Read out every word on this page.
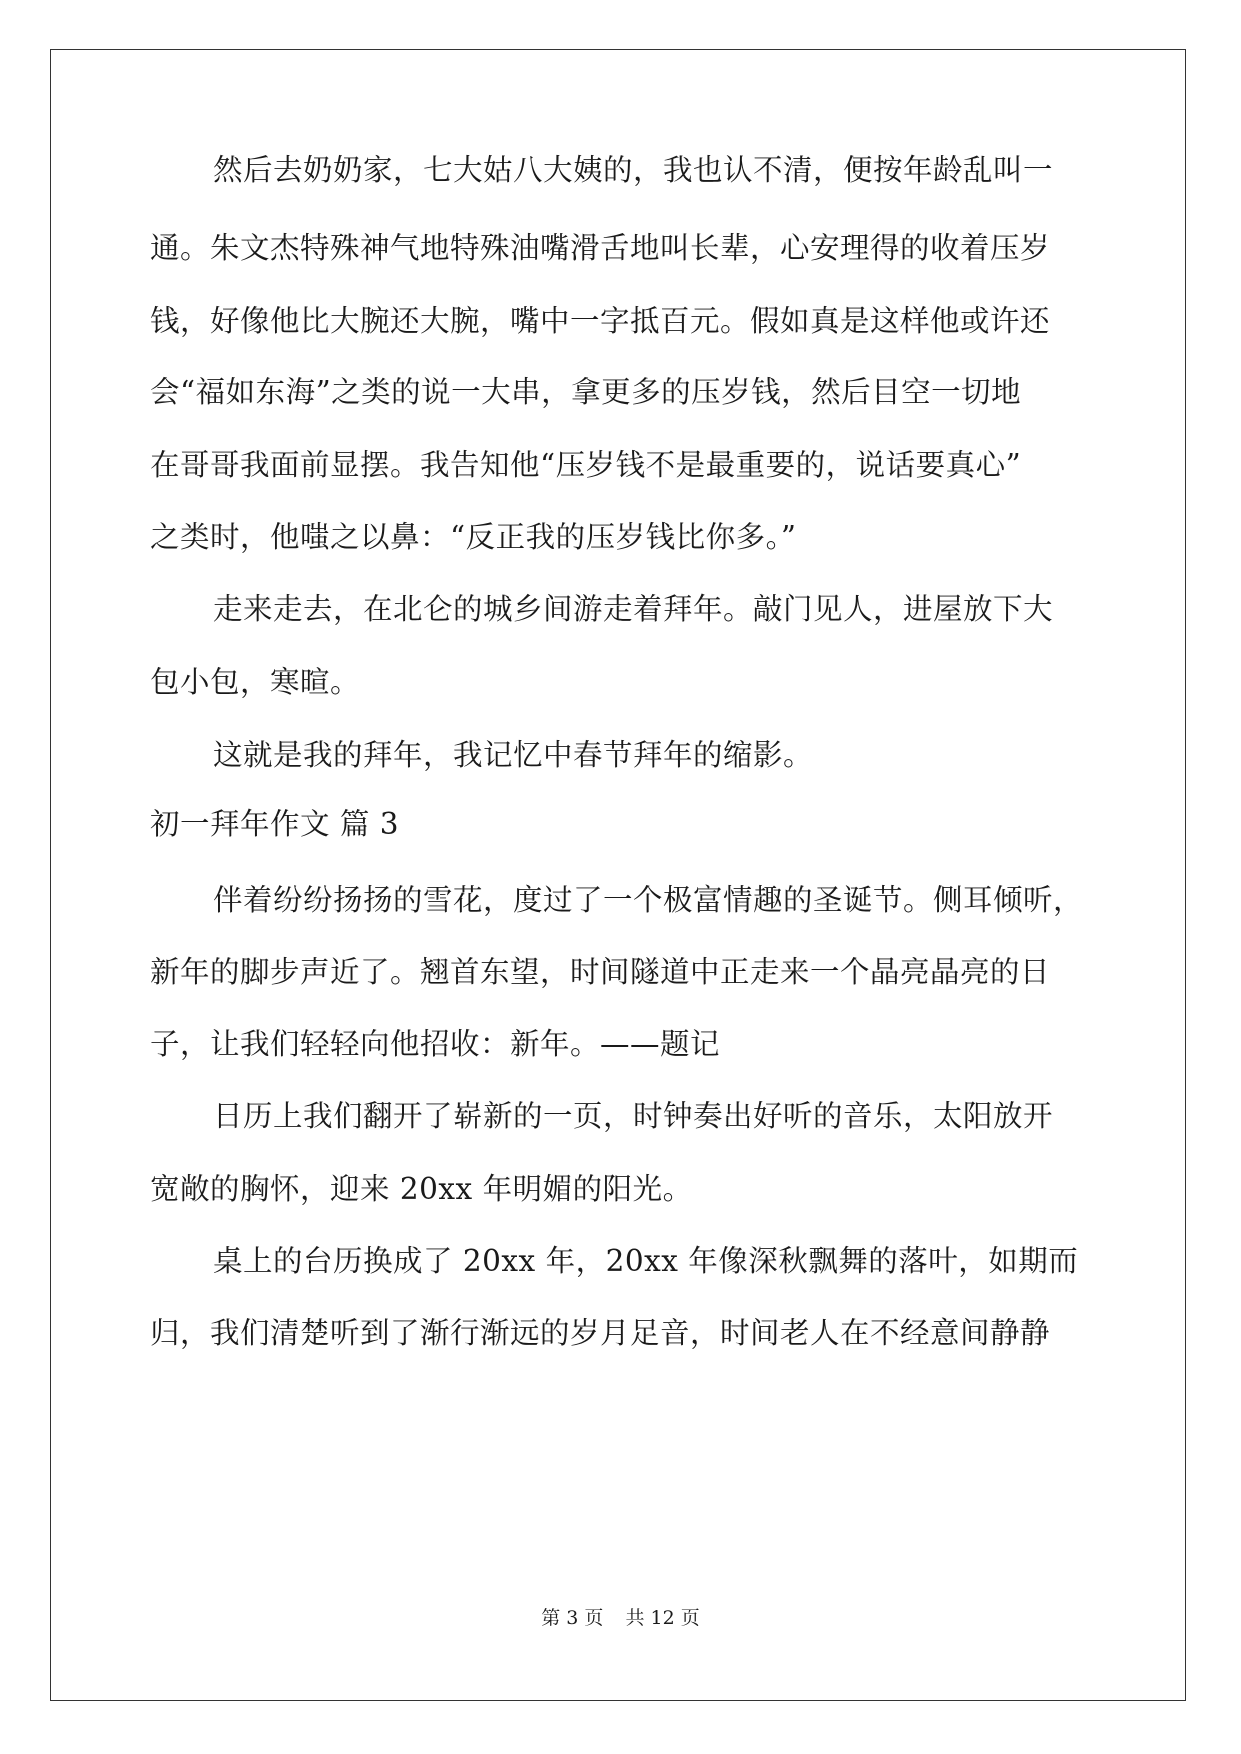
然后去奶奶家，七大姑八大姨的，我也认不清，便按年龄乱叫一
通。朱文杰特殊神气地特殊油嘴滑舌地叫长辈，心安理得的收着压岁
钱，好像他比大腕还大腕，嘴中一字抵百元。假如真是这样他或许还
会“福如东海”之类的说一大串，拿更多的压岁钱，然后目空一切地
在哥哥我面前显摆。我告知他“压岁钱不是最重要的，说话要真心”
之类时，他嗤之以鼻：“反正我的压岁钱比你多。”
走来走去，在北仑的城乡间游走着拜年。敲门见人，进屋放下大
包小包，寒暄。
这就是我的拜年，我记忆中春节拜年的缩影。
初一拜年作文 篇 3
伴着纷纷扬扬的雪花，度过了一个极富情趣的圣诞节。侧耳倾听，
新年的脚步声近了。翘首东望，时间隧道中正走来一个晶亮晶亮的日
子，让我们轻轻向他招收：新年。——题记
日历上我们翻开了崭新的一页，时钟奏出好听的音乐，太阳放开
宽敞的胸怀，迎来 20xx 年明媚的阳光。
桌上的台历换成了 20xx 年，20xx 年像深秋飘舞的落叶，如期而
归，我们清楚听到了渐行渐远的岁月足音，时间老人在不经意间静静
第 3 页 共 12 页
